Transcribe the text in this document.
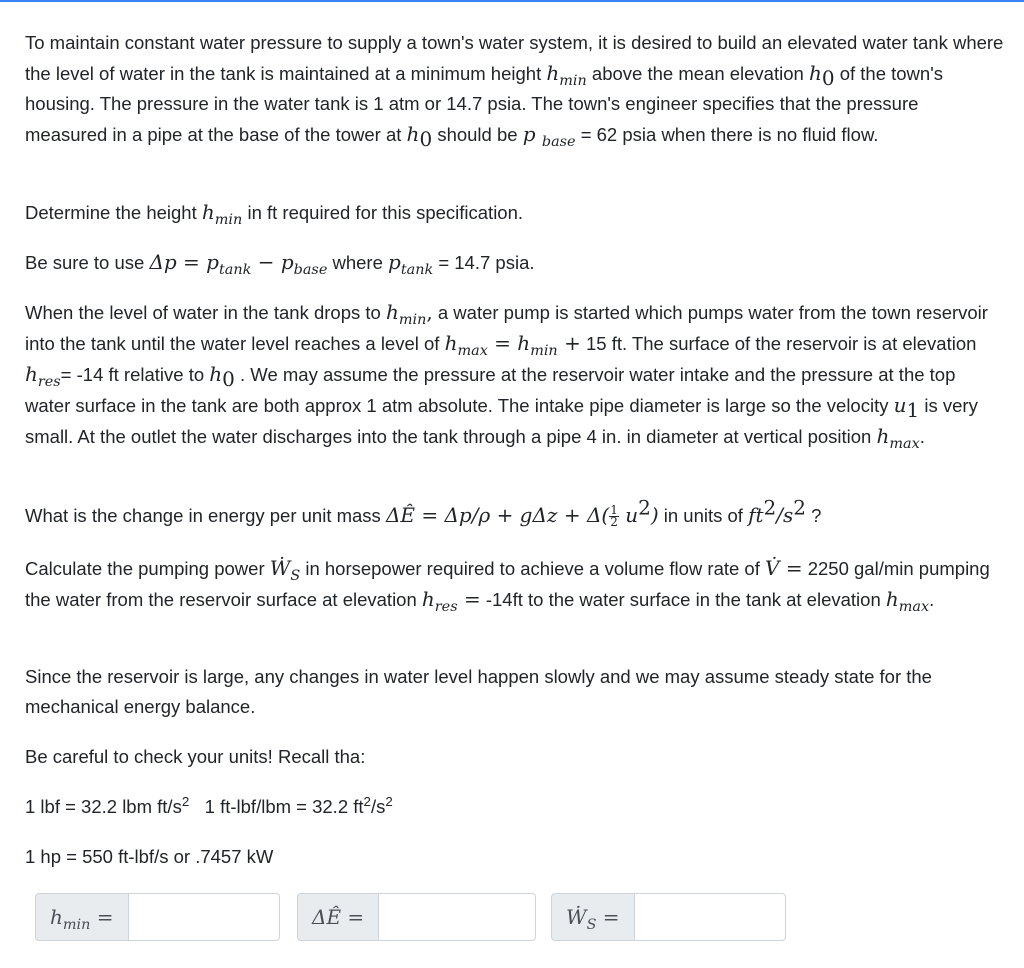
To maintain constant water pressure to supply a town's water system, it is desired to build an elevated water tank where the level of water in the tank is maintained at a minimum height $h_{min}$ above the mean elevation $h_0$ of the town's housing. The pressure in the water tank is 1 atm or 14.7 psia. The town's engineer specifies that the pressure measured in a pipe at the base of the tower at $h_0$ should be p $_{base}$ = 62 psia when there is no fluid flow.

Determine the height $h_{min}$ in ft required for this specification.

Be sure to use $\Delta p = p_{tank} - p_{base}$ where $p_{tank} = 14.7$ psia.

When the level of water in the tank drops to $h_{min}$, a water pump is started which pumps water from the town reservoir into the tank until the water level reaches a level of $h_{max} = h_{min} + 15$ ft. The surface of the reservoir is at elevation $h_{res}= -14$ ft relative to $h_0$ . We may assume the pressure at the reservoir water intake and the pressure at the top water surface in the tank are both approx 1 atm absolute. The intake pipe diameter is large so the velocity $u_1$ is very small. At the outlet the water discharges into the tank through a pipe 4 in. in diameter at vertical position $h_{max}$.

What is the change in energy per unit mass ΔÊ = $\Delta p/\rho + g\Delta z + \Delta( \frac{1}{2} u^2)$ in units of $ft^2/s^2$ ?

Calculate the pumping power Ẇ$_S$ in horsepower required to achieve a volume flow rate of V̇ = 2250 gal/min pumping the water from the reservoir surface at elevation $h_{res} = -14ft$ to the water surface in the tank at elevation $h_{max}$.

Since the reservoir is large, any changes in water level happen slowly and we may assume steady state for the mechanical energy balance.

Be careful to check your units! Recall tha:

1 lbf = 32.2 lbm $ft/s^2$ 1 ft-lbf/lbm = 32.2 $ft^2/s^2$

1 hp = 550 ft-lbf/s or .7457 kW

$h_{min}$
=	ΔÊ
=	Ẇ$_S$
=
